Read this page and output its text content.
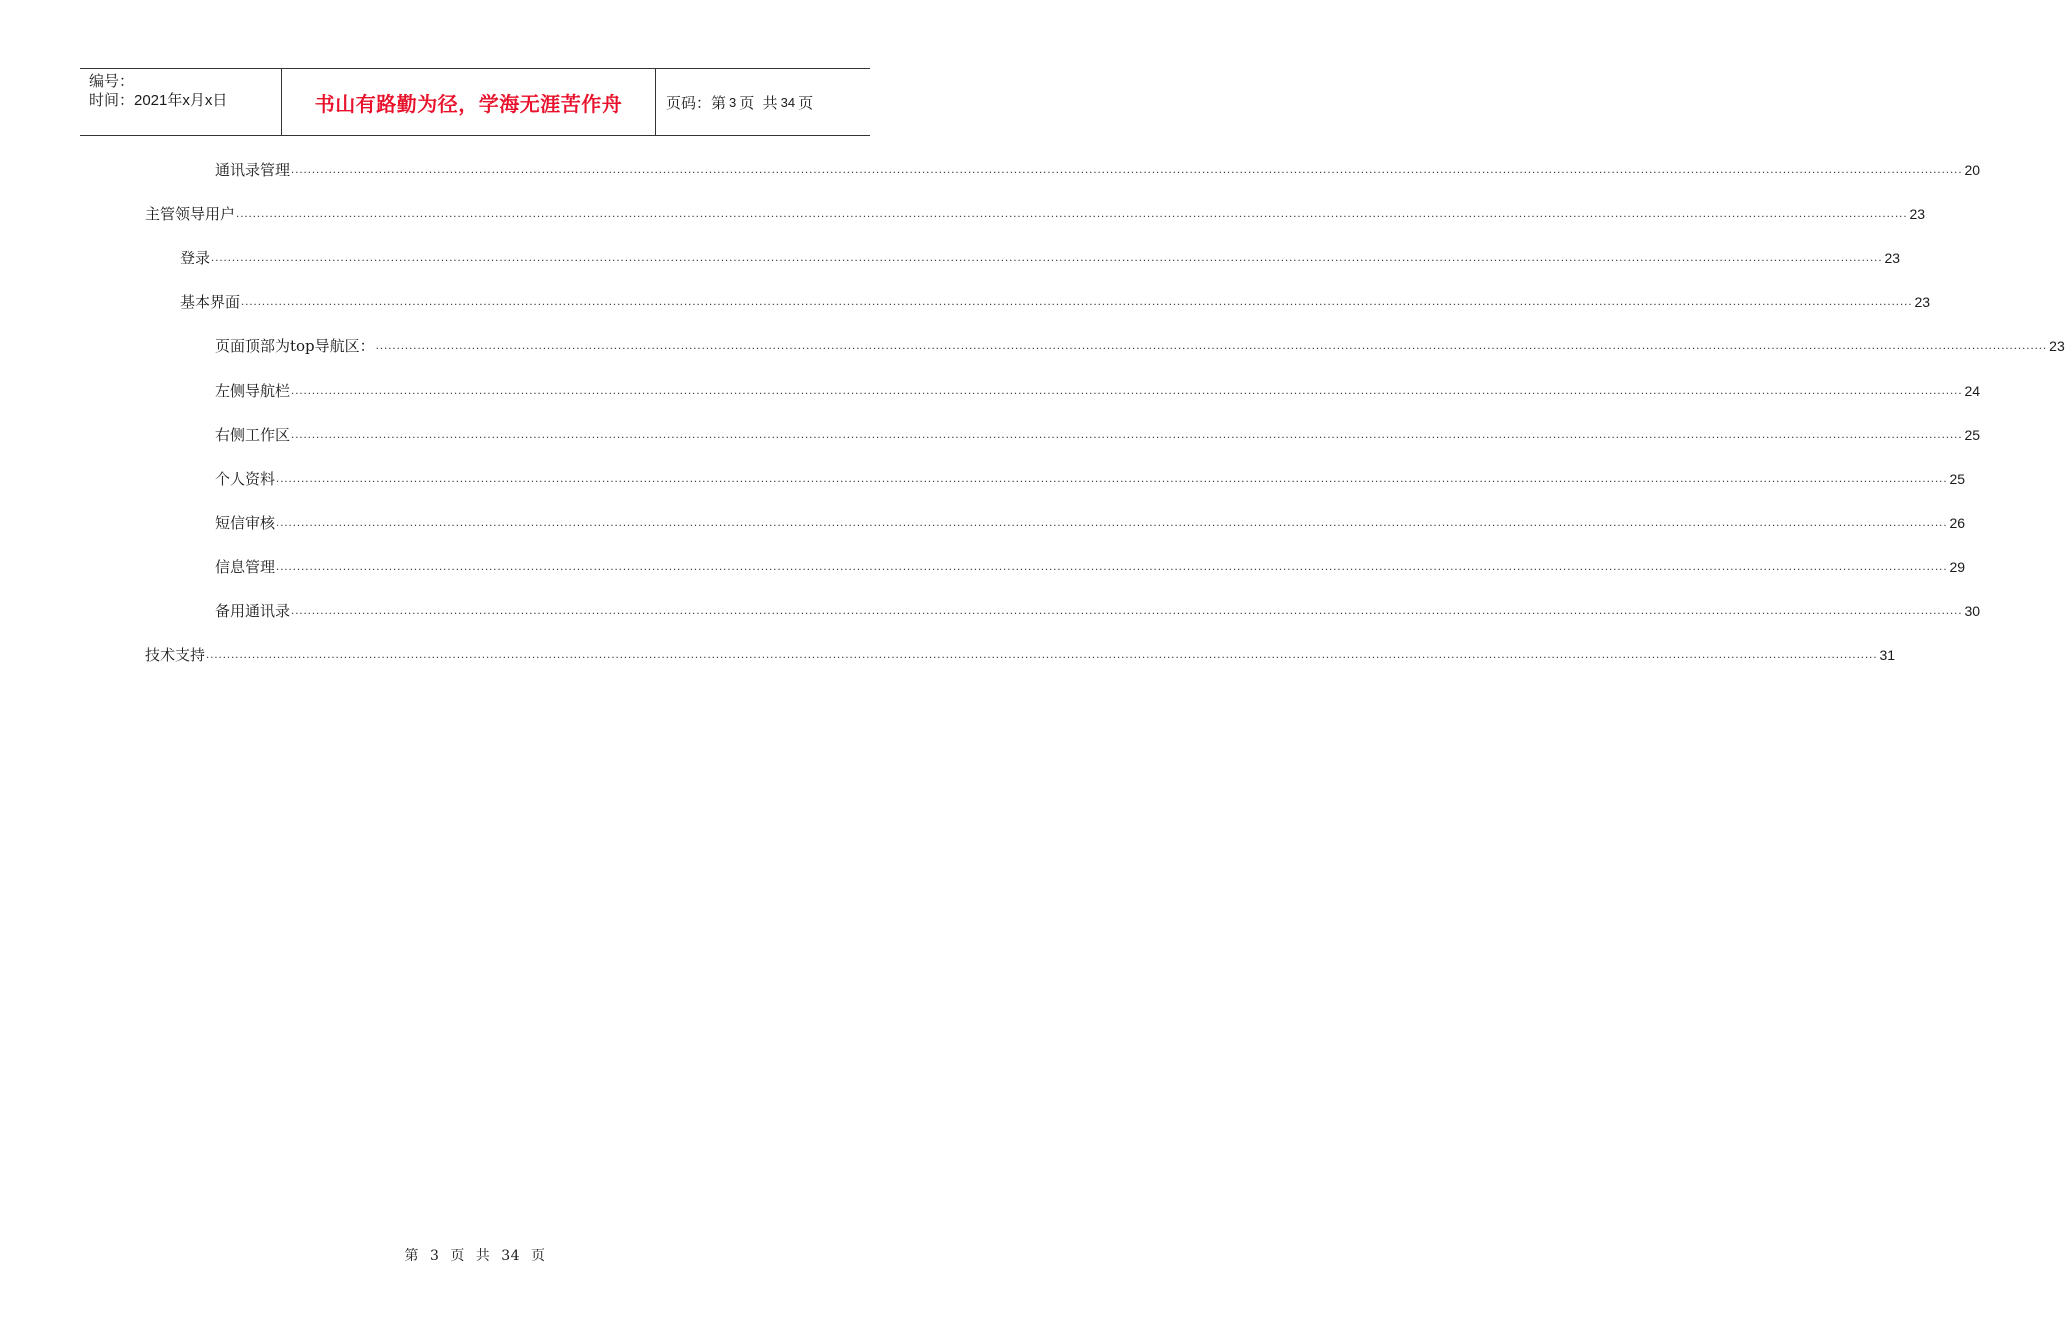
编号：
时间：2021年x月x日	书山有路勤为径，学海无涯苦作舟	页码：第 3 页  共 34 页
通讯录管理 ................................................................................................................................................................................................................................................................................................................................................................................................................ 20
主管领导用户 ................................................................................................................................................................................................................................................................................................................................................................................................................ 23
登录 ................................................................................................................................................................................................................................................................................................................................................................................................................ 23
基本界面 ................................................................................................................................................................................................................................................................................................................................................................................................................ 23
页面顶部为top导航区： ................................................................................................................................................................................................................................................................................................................................................................................................................ 23
左侧导航栏 ................................................................................................................................................................................................................................................................................................................................................................................................................ 24
右侧工作区 ................................................................................................................................................................................................................................................................................................................................................................................................................ 25
个人资料 ................................................................................................................................................................................................................................................................................................................................................................................................................ 25
短信审核 ................................................................................................................................................................................................................................................................................................................................................................................................................ 26
信息管理 ................................................................................................................................................................................................................................................................................................................................................................................................................ 29
备用通讯录 ................................................................................................................................................................................................................................................................................................................................................................................................................ 30
技术支持 ................................................................................................................................................................................................................................................................................................................................................................................................................ 31
第 3 页 共 34 页
